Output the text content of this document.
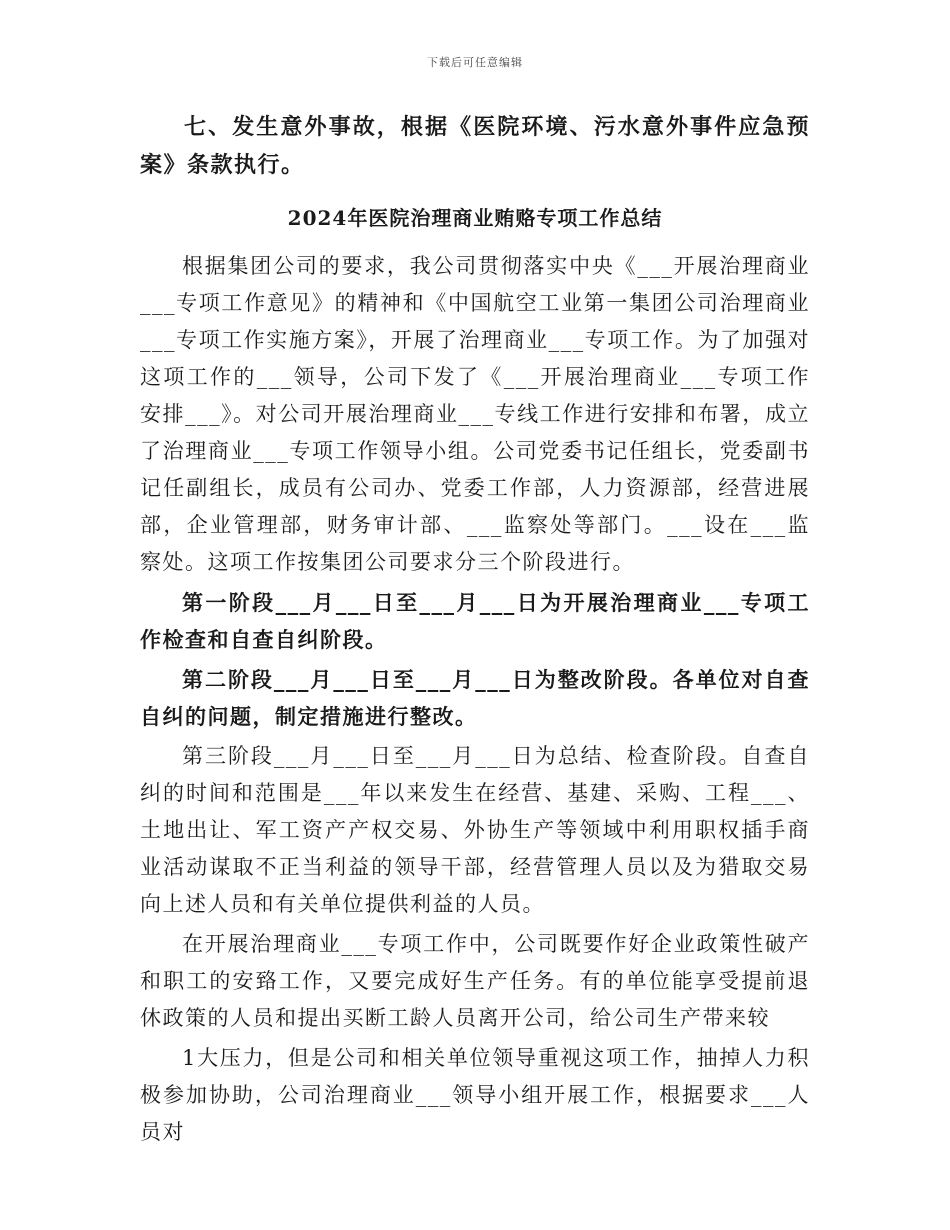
下载后可任意编辑

七、发生意外事故，根据《医院环境、污水意外事件应急预案》条款执行。

2024年医院治理商业贿赂专项工作总结

根据集团公司的要求，我公司贯彻落实中央《___开展治理商业___专项工作意见》的精神和《中国航空工业第一集团公司治理商业___专项工作实施方案》，开展了治理商业___专项工作。为了加强对这项工作的___领导，公司下发了《___开展治理商业___专项工作安排___》。对公司开展治理商业___专线工作进行安排和布署，成立了治理商业___专项工作领导小组。公司党委书记任组长，党委副书记任副组长，成员有公司办、党委工作部，人力资源部，经营进展部，企业管理部，财务审计部、___监察处等部门。___设在___监察处。这项工作按集团公司要求分三个阶段进行。

第一阶段___月___日至___月___日为开展治理商业___专项工作检查和自查自纠阶段。

第二阶段___月___日至___月___日为整改阶段。各单位对自查自纠的问题，制定措施进行整改。

第三阶段___月___日至___月___日为总结、检查阶段。自查自纠的时间和范围是___年以来发生在经营、基建、采购、工程___、土地出让、军工资产产权交易、外协生产等领域中利用职权插手商业活动谋取不正当利益的领导干部，经营管理人员以及为猎取交易向上述人员和有关单位提供利益的人员。

在开展治理商业___专项工作中，公司既要作好企业政策性破产和职工的安臵工作，又要完成好生产任务。有的单位能享受提前退休政策的人员和提出买断工龄人员离开公司，给公司生产带来较

1大压力，但是公司和相关单位领导重视这项工作，抽掉人力积极参加协助，公司治理商业___领导小组开展工作，根据要求___人员对
